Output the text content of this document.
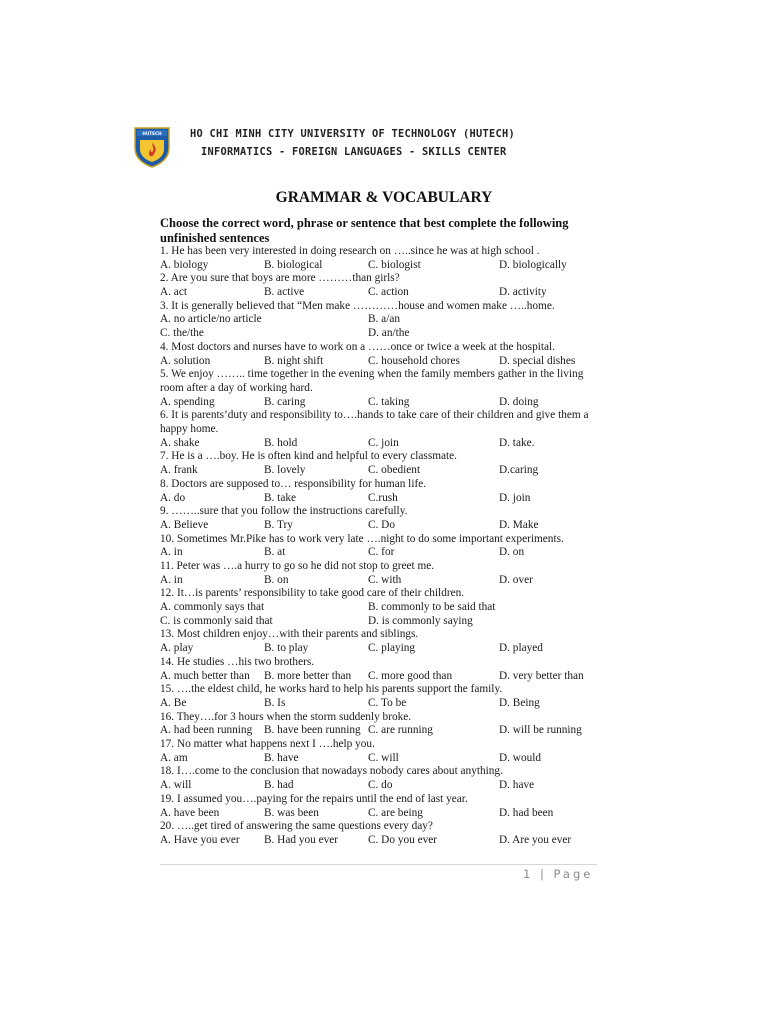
HUTECH	HO CHI MINH CITY UNIVERSITY OF TECHNOLOGY (HUTECH)
INFORMATICS - FOREIGN LANGUAGES - SKILLS CENTER
GRAMMAR & VOCABULARY
Choose the correct word, phrase or sentence that best complete the following unfinished sentences
1. He has been very interested in doing research on …..since he was at high school .
A. biology	B. biological	C. biologist	D. biologically
2. Are you sure that boys are more ………than girls?
A. act	B. active	C. action	D. activity
3. It is generally believed that “Men make …………house and women make …..home.
A. no article/no article	B. a/an
C. the/the	D. an/the
4. Most doctors and nurses have to work on a ……once or twice a week at the hospital.
A. solution	B. night shift	C. household chores	D. special dishes
5. We enjoy …….. time together in the evening when the family members gather in the living room after a day of working hard.
A. spending	B. caring	C. taking	D. doing
6. It is parents’duty and responsibility to….hands to take care of their children and give them a happy home.
A. shake	B. hold	C. join	D. take.
7. He is a ….boy. He is often kind and helpful to every classmate.
A. frank	B. lovely	C. obedient	D.caring
8. Doctors are supposed to… responsibility for human life.
A. do	B. take	C.rush	D. join
9. ……..sure that you follow the instructions carefully.
A. Believe	B. Try	C. Do	D. Make
10. Sometimes Mr.Pike has to work very late ….night to do some important experiments.
A. in	B. at	C. for	D. on
11. Peter was ….a hurry to go so he did not stop to greet me.
A. in	B. on	C. with	D. over
12. It…is parents’ responsibility to take good care of their children.
A. commonly says that	B. commonly to be said that
C. is commonly said that	D. is commonly saying
13. Most children enjoy…with their parents and siblings.
A. play	B. to play	C. playing	D. played
14. He studies …his two brothers.
A. much better than B. more better than C. more good than	D. very better than
15. ….the eldest child, he works hard to help his parents support the family.
A. Be	B. Is	C. To be	D. Being
16. They….for 3 hours when the storm suddenly broke.
A. had been running B. have been running C. are running	D. will be running
17. No matter what happens next I ….help you.
A. am	B. have	C. will	D. would
18. I….come to the conclusion that nowadays nobody cares about anything.
A. will	B. had	C. do	D. have
19. I assumed you….paying for the repairs until the end of last year.
A. have been	B. was been	C. are being	D. had been
20. …..get tired of answering the same questions every day?
A. Have you ever B. Had you ever	C. Do you ever	D. Are you ever
1 | Page
